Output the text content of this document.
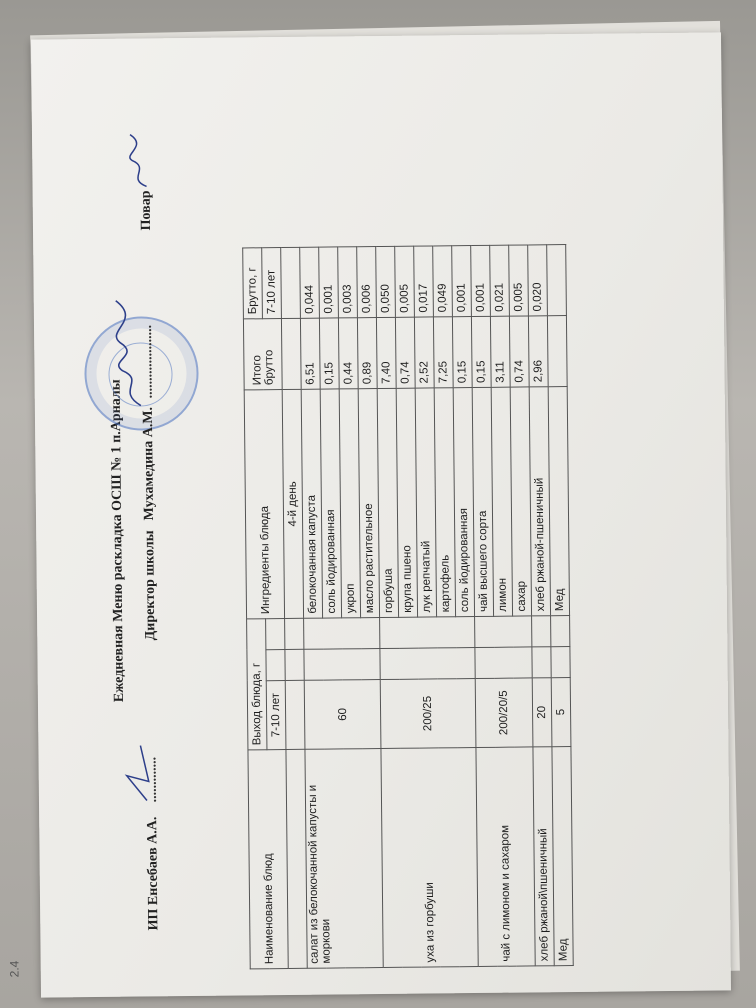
Ежедневная Меню раскладка ОСШ № 1 п.Арналы
ИП Енсебаев А.А.
.............
Директор школы
Мухамедина А.М.
.....................
Повар
Наименование блюд	Выход блюда, г			Ингредиенты блюда	Итого брутто	Брутто, г
	7-10 лет					7-10 лет
				4-й день		
салат из белокочанной капусты и моркови	60			белокочанная капуста	6,51	0,044
				соль йодированная	0,15	0,001
				укроп	0,44	0,003
				масло растительное	0,89	0,006
уха из горбуши	200/25			горбуша	7,40	0,050
				крупа пшено	0,74	0,005
				лук репчатый	2,52	0,017
				картофель	7,25	0,049
				соль йодированная	0,15	0,001
чай с лимоном и сахаром	200/20/5			чай высшего сорта	0,15	0,001
				лимон	3,11	0,021
				сахар	0,74	0,005
хлеб ржаной\пшеничный	20			хлеб ржаной-пшеничный	2,96	0,020
Мед	5			Мед		
2.4
